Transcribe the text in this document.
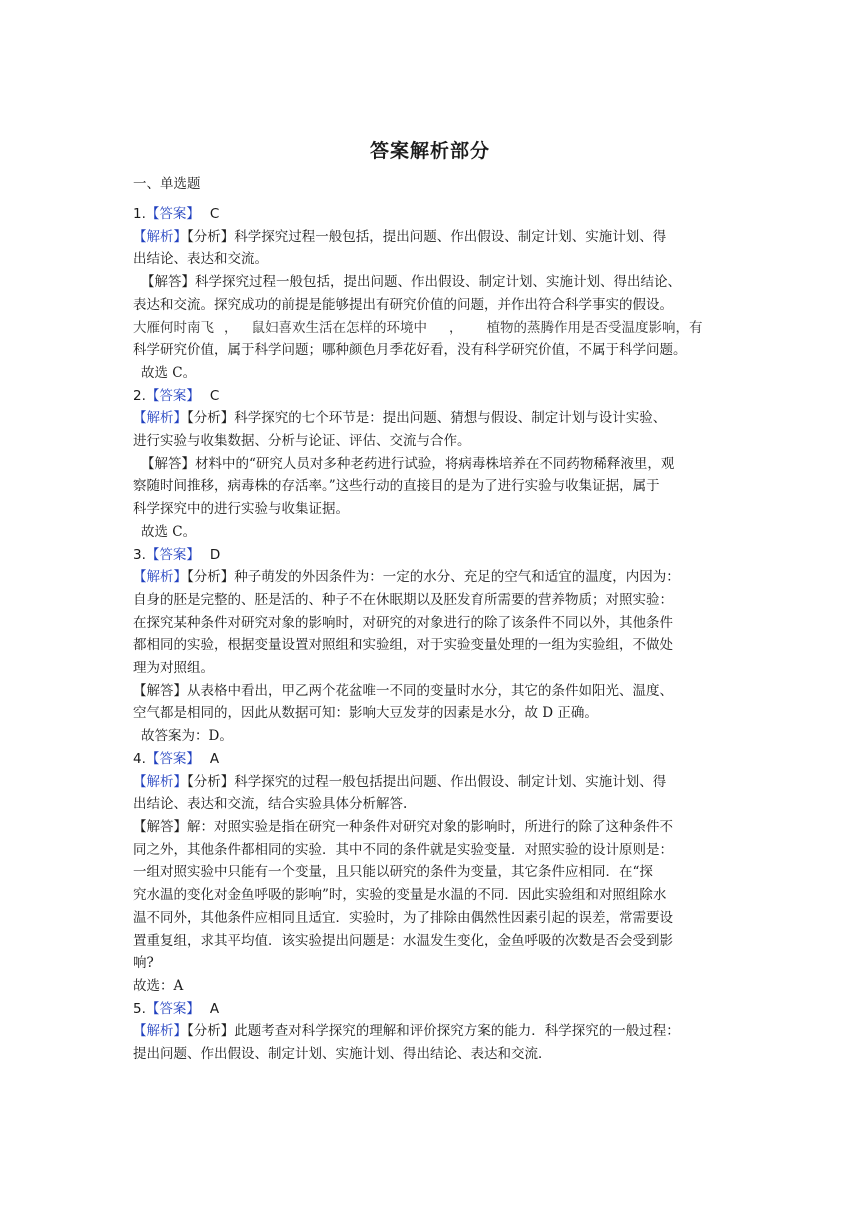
答案解析部分
一、单选题
1.【答案】 C
【解析】【分析】科学探究过程一般包括，提出问题、作出假设、制定计划、实施计划、得
出结论、表达和交流。
【解答】科学探究过程一般包括，提出问题、作出假设、制定计划、实施计划、得出结论、
表达和交流。探究成功的前提是能够提出有研究价值的问题，并作出符合科学事实的假设。
大雁何时南飞 ， 鼠妇喜欢生活在怎样的环境中 ， 植物的蒸腾作用是否受温度影响，有
科学研究价值，属于科学问题；哪种颜色月季花好看，没有科学研究价值，不属于科学问题。
故选 C。
2.【答案】 C
【解析】【分析】科学探究的七个环节是：提出问题、猜想与假设、制定计划与设计实验、
进行实验与收集数据、分析与论证、评估、交流与合作。
【解答】材料中的“研究人员对多种老药进行试验，将病毒株培养在不同药物稀释液里，观
察随时间推移，病毒株的存活率。”这些行动的直接目的是为了进行实验与收集证据，属于
科学探究中的进行实验与收集证据。
故选 C。
3.【答案】 D
【解析】【分析】种子萌发的外因条件为：一定的水分、充足的空气和适宜的温度，内因为：
自身的胚是完整的、胚是活的、种子不在休眠期以及胚发育所需要的营养物质；对照实验：
在探究某种条件对研究对象的影响时，对研究的对象进行的除了该条件不同以外，其他条件
都相同的实验，根据变量设置对照组和实验组，对于实验变量处理的一组为实验组，不做处
理为对照组。
【解答】从表格中看出，甲乙两个花盆唯一不同的变量时水分，其它的条件如阳光、温度、
空气都是相同的，因此从数据可知：影响大豆发芽的因素是水分，故 D 正确。
故答案为：D。
4.【答案】 A
【解析】【分析】科学探究的过程一般包括提出问题、作出假设、制定计划、实施计划、得
出结论、表达和交流，结合实验具体分析解答.
【解答】解：对照实验是指在研究一种条件对研究对象的影响时，所进行的除了这种条件不
同之外，其他条件都相同的实验．其中不同的条件就是实验变量．对照实验的设计原则是：
一组对照实验中只能有一个变量，且只能以研究的条件为变量，其它条件应相同．在“探
究水温的变化对金鱼呼吸的影响”时，实验的变量是水温的不同．因此实验组和对照组除水
温不同外，其他条件应相同且适宜．实验时，为了排除由偶然性因素引起的误差，常需要设
置重复组，求其平均值．该实验提出问题是：水温发生变化，金鱼呼吸的次数是否会受到影
响?
故选：A
5.【答案】 A
【解析】【分析】此题考查对科学探究的理解和评价探究方案的能力．科学探究的一般过程：
提出问题、作出假设、制定计划、实施计划、得出结论、表达和交流．
